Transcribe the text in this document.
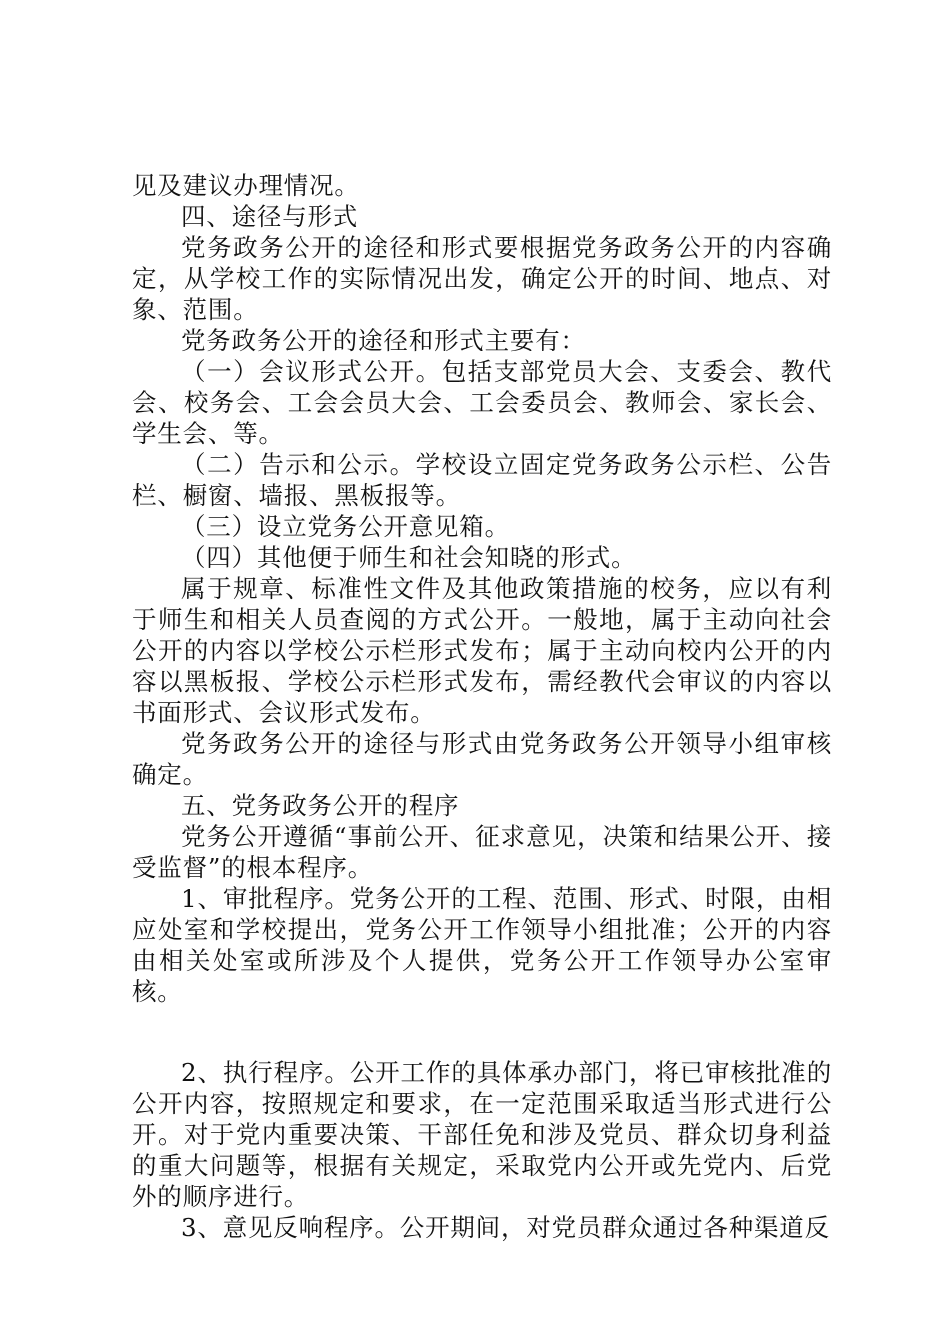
见及建议办理情况。

四、途径与形式

党务政务公开的途径和形式要根据党务政务公开的内容确定，从学校工作的实际情况出发，确定公开的时间、地点、对象、范围。

党务政务公开的途径和形式主要有：

（一）会议形式公开。包括支部党员大会、支委会、教代会、校务会、工会会员大会、工会委员会、教师会、家长会、学生会、等。

（二）告示和公示。学校设立固定党务政务公示栏、公告栏、橱窗、墙报、黑板报等。

（三）设立党务公开意见箱。

（四）其他便于师生和社会知晓的形式。

属于规章、标准性文件及其他政策措施的校务，应以有利于师生和相关人员查阅的方式公开。一般地，属于主动向社会公开的内容以学校公示栏形式发布；属于主动向校内公开的内容以黑板报、学校公示栏形式发布，需经教代会审议的内容以书面形式、会议形式发布。

党务政务公开的途径与形式由党务政务公开领导小组审核确定。

五、党务政务公开的程序

党务公开遵循“事前公开、征求意见，决策和结果公开、接受监督”的根本程序。

1、审批程序。党务公开的工程、范围、形式、时限，由相应处室和学校提出，党务公开工作领导小组批准；公开的内容由相关处室或所涉及个人提供，党务公开工作领导办公室审核。

2、执行程序。公开工作的具体承办部门，将已审核批准的公开内容，按照规定和要求，在一定范围采取适当形式进行公开。对于党内重要决策、干部任免和涉及党员、群众切身利益的重大问题等，根据有关规定，采取党内公开或先党内、后党外的顺序进行。

3、意见反响程序。公开期间，对党员群众通过各种渠道反
